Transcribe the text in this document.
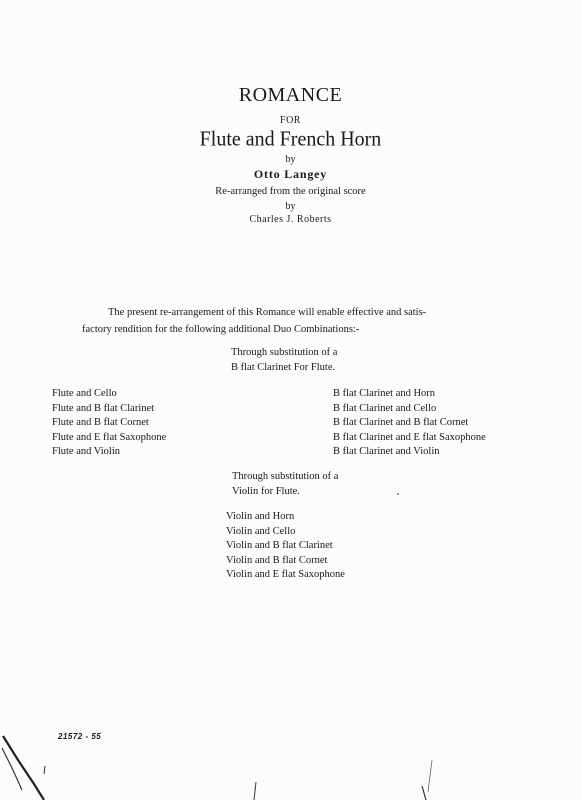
ROMANCE
FOR
Flute and French Horn
by
Otto Langey
Re-arranged from the original score
by
Charles J. Roberts
The present re-arrangement of this Romance will enable effective and satis-
factory rendition for the following additional Duo Combinations:-
Through substitution of a
B flat Clarinet For Flute.
Flute and Cello
Flute and B flat Clarinet
Flute and B flat Cornet
Flute and E flat Saxophone
Flute and Violin
B flat Clarinet and Horn
B flat Clarinet and Cello
B flat Clarinet and B flat Cornet
B flat Clarinet and E flat Saxophone
B flat Clarinet and Violin
Through substitution of a
Violin for Flute.
Violin and Horn
Violin and Cello
Violin and B flat Clarinet
Violin and B flat Cornet
Violin and E flat Saxophone
21572 - 55
